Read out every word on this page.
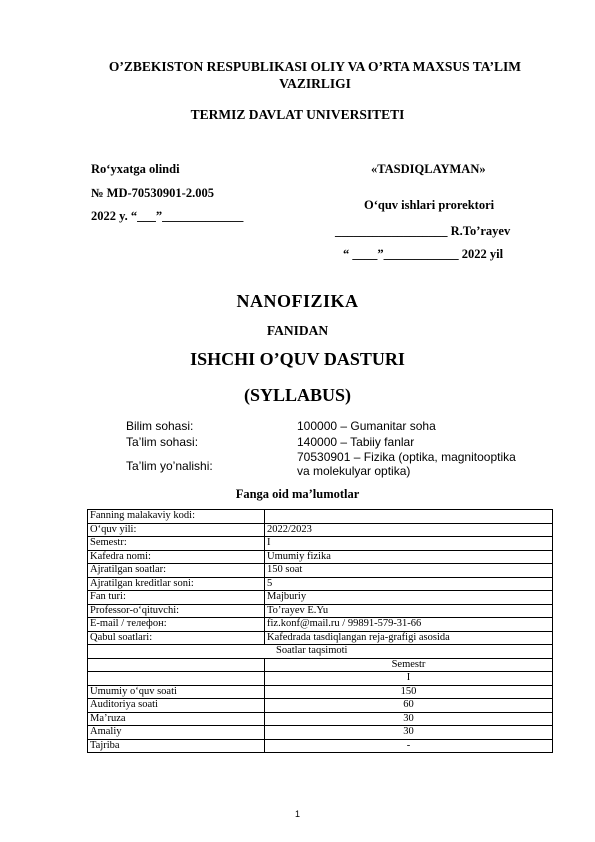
O’ZBEKISTON RESPUBLIKASI OLIY VA O’RTA MAXSUS TA’LIM VAZIRLIGI
TERMIZ DAVLAT UNIVERSITETI
Ro‘yxatga olindi
№ MD-70530901-2.005
2022 y. “___”_____________
«TASDIQLAYMAN»
O‘quv ishlari prorektori
__________________ R.To’rayev
“ ____”____________ 2022 yil
NANOFIZIKA
FANIDAN
ISHCHI O’QUV DASTURI
(SYLLABUS)
Bilim sohasi:	100000 – Gumanitar soha
Ta’lim sohasi:	140000 – Tabiiy fanlar
Ta’lim yo’nalishi:
70530901 – Fizika (optika, magnitooptika va molekulyar optika)
Fanga oid ma’lumotlar
Fanning malakaviy kodi:	
O‘quv yili:	2022/2023
Semestr:	I
Kafedra nomi:	Umumiy fizika
Ajratilgan soatlar:	150 soat
Ajratilgan kreditlar soni:	5
Fan turi:	Majburiy
Professor-o‘qituvchi:	To’rayev E.Yu
E-mail / телефон:	fiz.konf@mail.ru / 99891-579-31-66
Qabul soatlari:	Kafedrada tasdiqlangan reja-grafigi asosida
Soatlar taqsimoti	
	Semestr
	I
Umumiy o‘quv soati	150
Auditoriya soati	60
Ma’ruza	30
Amaliy	30
Tajriba	-
1
